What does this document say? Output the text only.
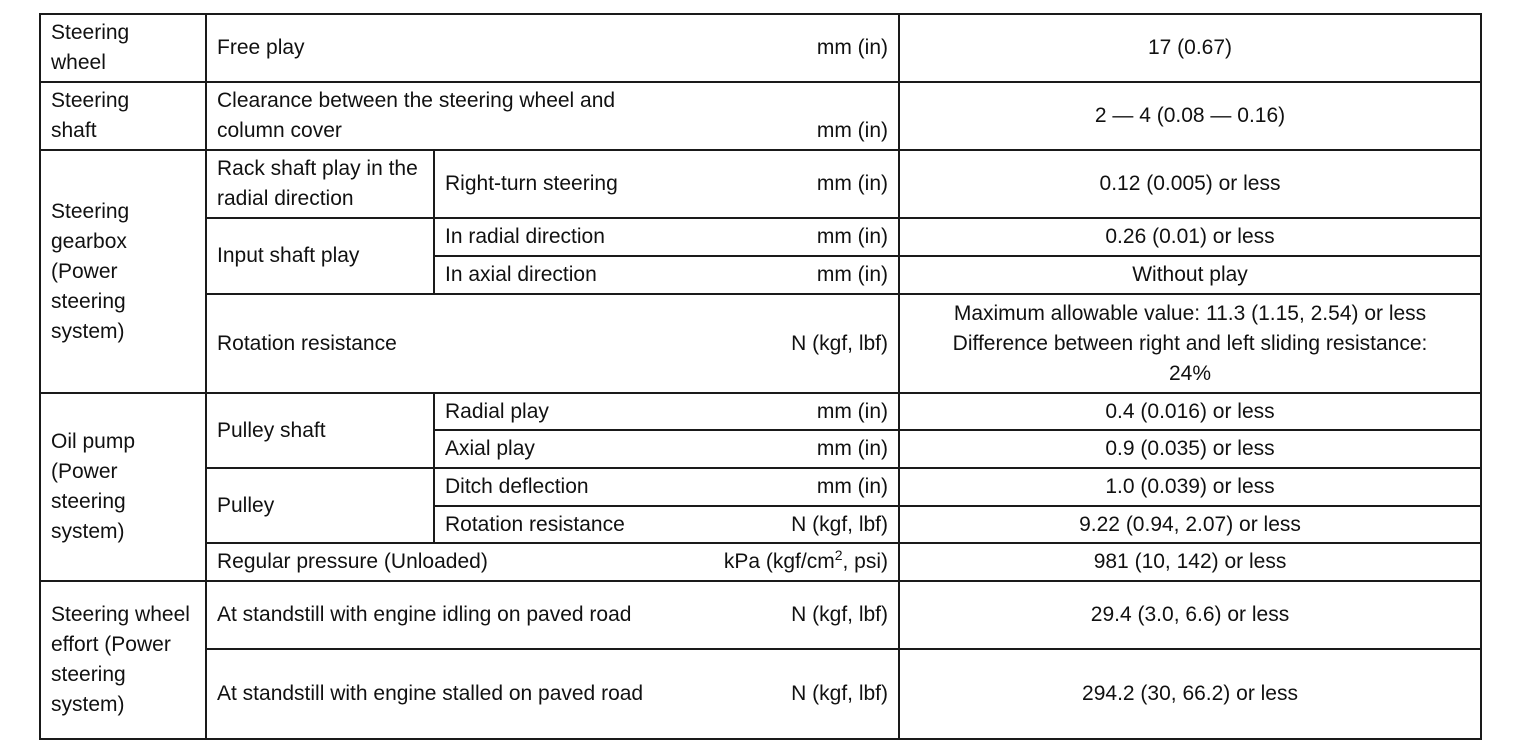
Steering wheel	Free play mm (in)		17 (0.67)

Steering shaft	Clearance between the steering wheel and column cover mm (in)		2 — 4 (0.08 — 0.16)

Steering gearbox (Power steering system)	Rack shaft play in the radial direction	Right-turn steering mm (in)	0.12 (0.005) or less
	Input shaft play	In radial direction mm (in)	0.26 (0.01) or less

		In axial direction mm (in)	Without play

	Rotation resistance N (kgf, lbf)		Maximum allowable value: 11.3 (1.15, 2.54) or less
Difference between right and left sliding resistance:
24%

Oil pump (Power steering system)	Pulley shaft	Radial play mm (in)	0.4 (0.016) or less

		Axial play mm (in)	0.9 (0.035) or less
	Pulley	Ditch deflection mm (in)	1.0 (0.039) or less

		Rotation resistance N (kgf, lbf)	9.22 (0.94, 2.07) or less

	Regular pressure (Unloaded) kPa ($kgf/cm^2$, psi)		981 (10, 142) or less

Steering wheel effort (Power steering system)	At standstill with engine idling on paved road N (kgf, lbf)		29.4 (3.0, 6.6) or less

	At standstill with engine stalled on paved road N (kgf, lbf)		294.2 (30, 66.2) or less
